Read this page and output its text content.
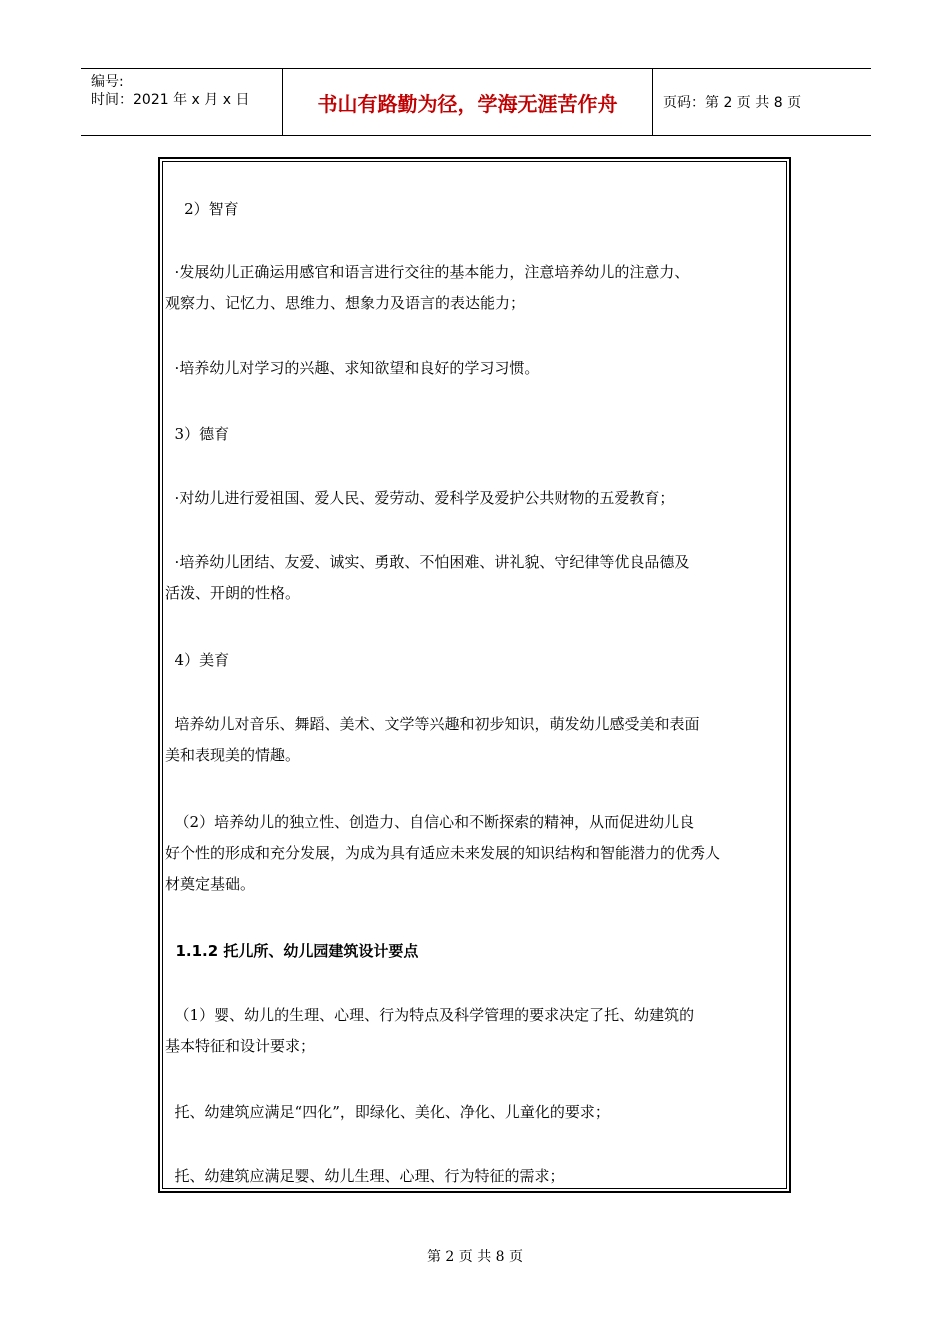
编号:
时间：2021 年 x 月 x 日	书山有路勤为径，学海无涯苦作舟	页码：第 2 页 共 8 页
2）智育
·发展幼儿正确运用感官和语言进行交往的基本能力，注意培养幼儿的注意力、
观察力、记忆力、思维力、想象力及语言的表达能力；
·培养幼儿对学习的兴趣、求知欲望和良好的学习习惯。
3）德育
·对幼儿进行爱祖国、爱人民、爱劳动、爱科学及爱护公共财物的五爱教育；
·培养幼儿团结、友爱、诚实、勇敢、不怕困难、讲礼貌、守纪律等优良品德及
活泼、开朗的性格。
4）美育
培养幼儿对音乐、舞蹈、美术、文学等兴趣和初步知识，萌发幼儿感受美和表面
美和表现美的情趣。
（2）培养幼儿的独立性、创造力、自信心和不断探索的精神，从而促进幼儿良
好个性的形成和充分发展，为成为具有适应未来发展的知识结构和智能潜力的优秀人
材奠定基础。
1.1.2 托儿所、幼儿园建筑设计要点
（1）婴、幼儿的生理、心理、行为特点及科学管理的要求决定了托、幼建筑的
基本特征和设计要求；
托、幼建筑应满足“四化”，即绿化、美化、净化、儿童化的要求；
托、幼建筑应满足婴、幼儿生理、心理、行为特征的需求；
第 2 页 共 8 页
